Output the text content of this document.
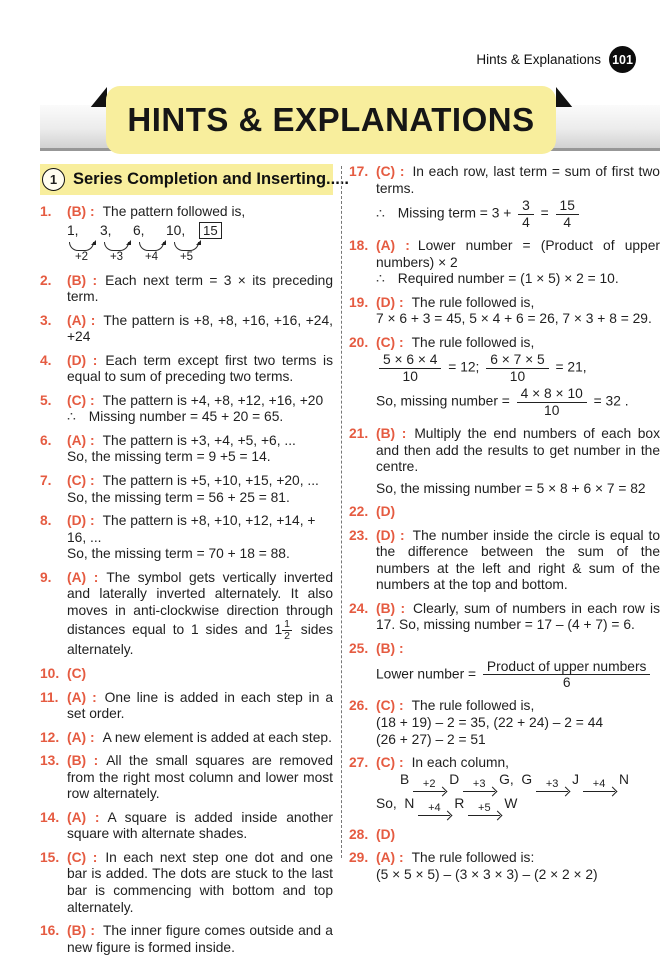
Hints & Explanations 101
HINTS & EXPLANATIONS
1 Series Completion and Inserting.....
1.	(B) : The pattern followed is,
1, 3, 6, 10, 15
+2 +3 +4 +5
2.	(B) : Each next term = 3 × its preceding term.
3.	(A) : The pattern is +8, +8, +16, +16, +24, +24
4.	(D) : Each term except first two terms is equal to sum of preceding two terms.
5.	(C) : The pattern is +4, +8, +12, +16, +20
∴ Missing number = 45 + 20 = 65.
6.	(A) : The pattern is +3, +4, +5, +6, ...
So, the missing term = 9 +5 = 14.
7.	(C) : The pattern is +5, +10, +15, +20, ...
So, the missing term = 56 + 25 = 81.
8.	(D) : The pattern is +8, +10, +12, +14, + 16, ...
So, the missing term = 70 + 18 = 88.
9.	(A) : The symbol gets vertically inverted and laterally inverted alternately. It also moves in anti-clockwise direction through distances equal to 1 sides and $1 \frac{1}{2}$ sides alternately.
10. (C)
11. (A) : One line is added in each step in a set order.
12. (A) : A new element is added at each step.
13. (B) : All the small squares are removed from the right most column and lower most row alternately.
14. (A) : A square is added inside another square with alternate shades.
15. (C) : In each next step one dot and one bar is added. The dots are stuck to the last bar is commencing with bottom and top alternately.
16. (B) : The inner figure comes outside and a new figure is formed inside.
17. (C) : In each row, last term = sum of first two terms.
∴ Missing term = $3 + \frac{3}{4} = \frac{15}{4}$
18. (A) : Lower number = (Product of upper numbers) × 2
∴ Required number = (1 × 5) × 2 = 10.
19. (D) : The rule followed is,
7 × 6 + 3 = 45, 5 × 4 + 6 = 26, 7 × 3 + 8 = 29.
20. (C) : The rule followed is,
$\frac{5 \times 6 \times 4}{10} = 12$; $\frac{6 \times 7 \times 5}{10} = 21$,
So, missing number = $\frac{4 \times 8 \times 10}{10} = 32$ .
21. (B) : Multiply the end numbers of each box and then add the results to get number in the centre.
So, the missing number = 5 × 8 + 6 × 7 = 82
22. (D)
23. (D) : The number inside the circle is equal to the difference between the sum of the numbers at the left and right & sum of the numbers at the top and bottom.
24. (B) : Clearly, sum of numbers in each row is 17. So, missing number = 17 – (4 + 7) = 6.
25. (B) :
Lower number = $\frac{\text{Product of upper numbers}}{6}$
26. (C) : The rule followed is,
(18 + 19) – 2 = 35, (22 + 24) – 2 = 44
(26 + 27) – 2 = 51
27. (C) : In each column,
B +2 D +3 G,  G +3 J +4 N
So,  N +4 R +5 W
28. (D)
29. (A) : The rule followed is:
(5 × 5 × 5) – (3 × 3 × 3) – (2 × 2 × 2)
